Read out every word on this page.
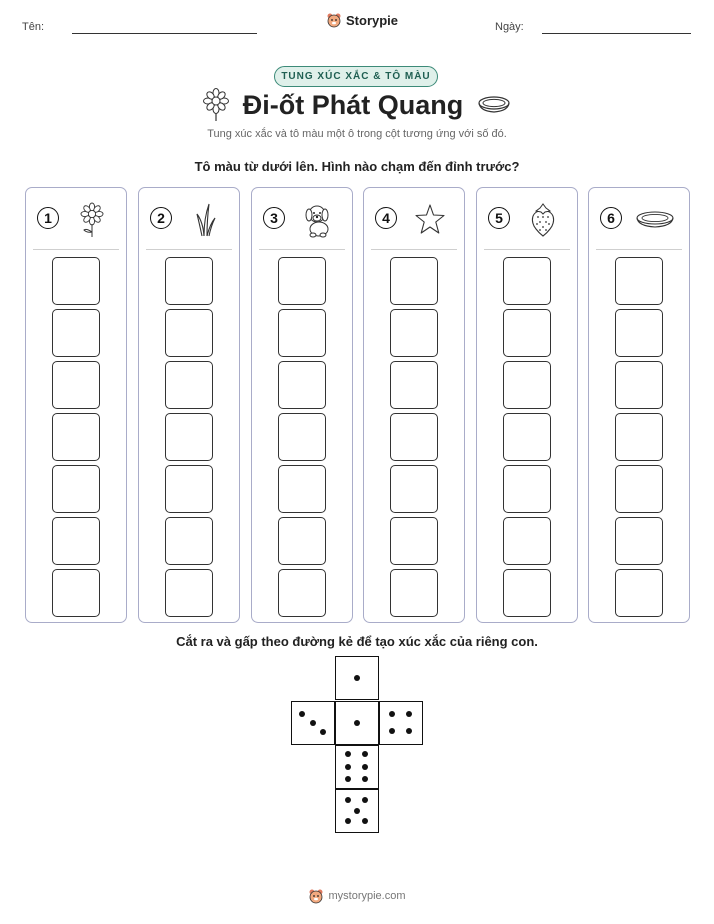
Tên:	Storypie	Ngày:
TUNG XÚC XẮC & TÔ MÀU
Đi-ốt Phát Quang
Tung xúc xắc và tô màu một ô trong cột tương ứng với số đó.
Tô màu từ dưới lên. Hình nào chạm đến đỉnh trước?
1	2	3	4	5	6
Cắt ra và gấp theo đường kẻ để tạo xúc xắc của riêng con.
mystorypie.com
